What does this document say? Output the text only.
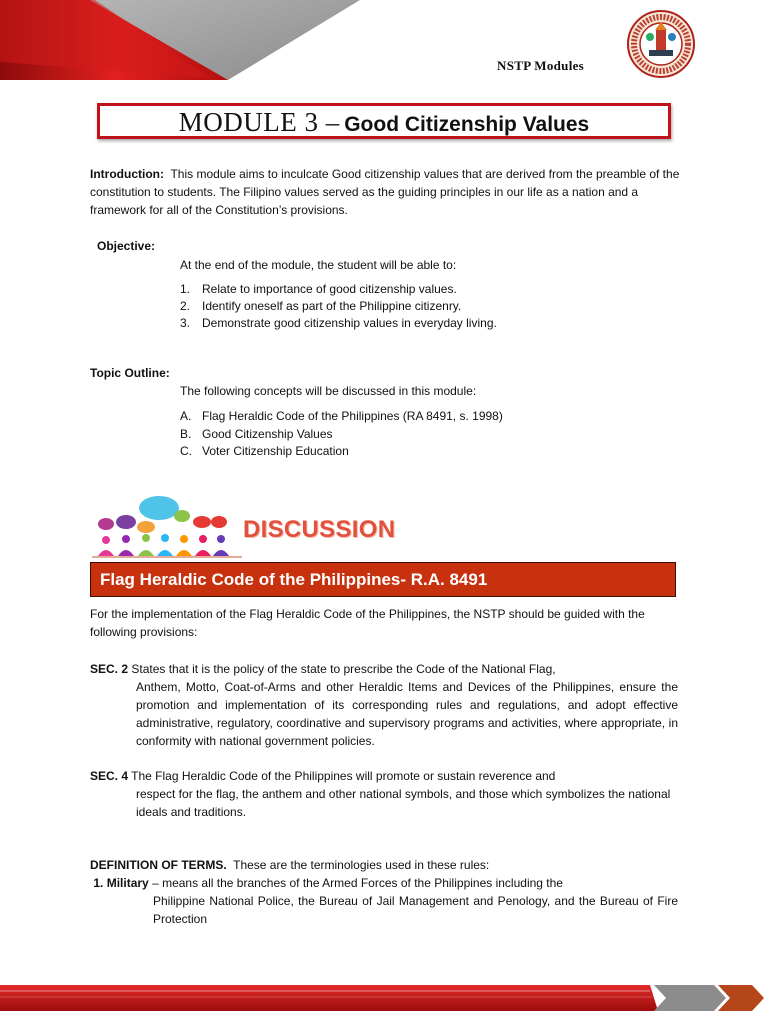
NSTP Modules
MODULE 3 – Good Citizenship Values
Introduction: This module aims to inculcate Good citizenship values that are derived from the preamble of the constitution to students. The Filipino values served as the guiding principles in our life as a nation and a framework for all of the Constitution’s provisions.
Objective:
At the end of the module, the student will be able to:
1. Relate to importance of good citizenship values.
2. Identify oneself as part of the Philippine citizenry.
3. Demonstrate good citizenship values in everyday living.
Topic Outline:
The following concepts will be discussed in this module:
A. Flag Heraldic Code of the Philippines (RA 8491, s. 1998)
B. Good Citizenship Values
C. Voter Citizenship Education
DISCUSSION
Flag Heraldic Code of the Philippines- R.A. 8491
For the implementation of the Flag Heraldic Code of the Philippines, the NSTP should be guided with the following provisions:
SEC. 2 States that it is the policy of the state to prescribe the Code of the National Flag,
Anthem, Motto, Coat-of-Arms and other Heraldic Items and Devices of the Philippines, ensure the promotion and implementation of its corresponding rules and regulations, and adopt effective administrative, regulatory, coordinative and supervisory programs and activities, where appropriate, in conformity with national government policies.
SEC. 4 The Flag Heraldic Code of the Philippines will promote or sustain reverence and
respect for the flag, the anthem and other national symbols, and those which symbolizes the national ideals and traditions.
DEFINITION OF TERMS. These are the terminologies used in these rules:
1. Military – means all the branches of the Armed Forces of the Philippines including the
Philippine National Police, the Bureau of Jail Management and Penology, and the Bureau of Fire Protection
